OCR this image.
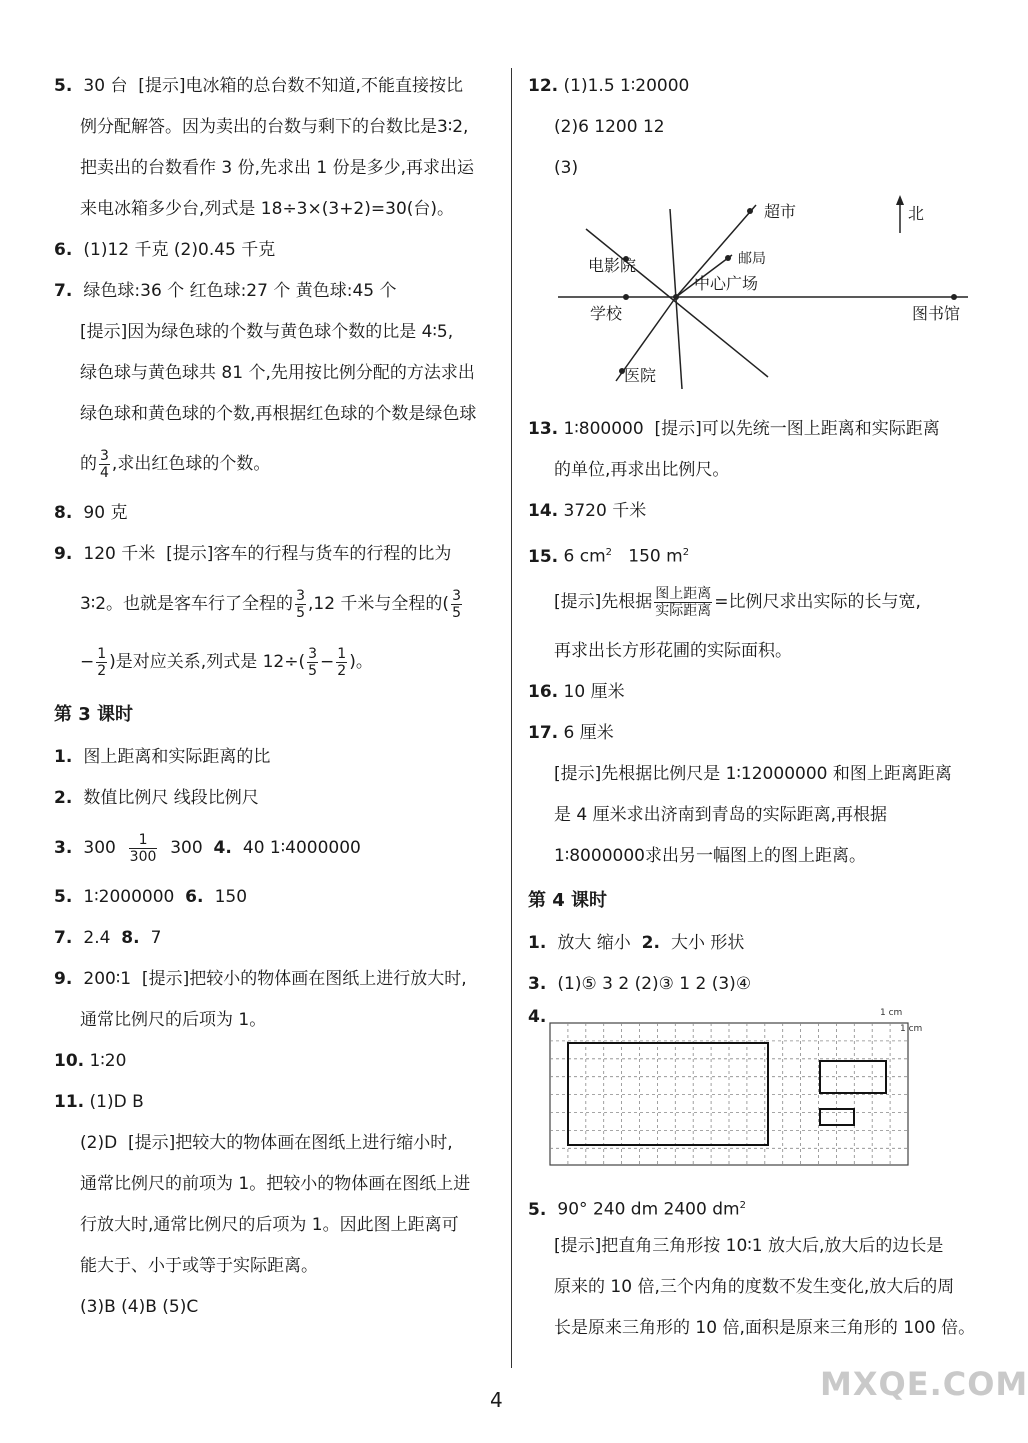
5. 30 台 [ 提示 ] 电冰箱的总台数不知道,不能直接按比
例分配解答。因为卖出的台数与剩下的台数比是3∶2,
把卖出的台数看作 3 份,先求出 1 份是多少,再求出运
来电冰箱多少台,列式是 18÷3×(3+2)=30(台)。
6. (1)12 千克 (2)0.45 千克
7. 绿色球:36 个 红色球:27 个 黄色球:45 个
[ 提示 ] 因为绿色球的个数与黄色球个数的比是 4∶5,
绿色球与黄色球共 81 个,先用按比例分配的方法求出
绿色球和黄色球的个数,再根据红色球的个数是绿色球
的 $\frac{3}{4}$ ,求出红色球的个数。
8. 90 克
9. 120 千米 [ 提示 ] 客车的行程与货车的行程的比为
3∶2。也就是客车行了全程的 $\frac{3}{5} ,12$ 千米与全程的( $\frac{3}{5}$
− $\frac{1}{2}$ )是对应关系,列式是 $12\div( \frac{3}{5} - \frac{1}{2}$ )。
第 3 课时
1. 图上距离和实际距离的比
2. 数值比例尺 线段比例尺
3. $300 \frac{1}{300} 300$ 4. 40 1∶4000000
5. 1∶2000000 6. 150
7. 2.4 8. 7
9. 200∶1 [ 提示 ] 把较小的物体画在图纸上进行放大时,
通常比例尺的后项为 1。
10. 1∶20
11. (1)D B
(2)D [ 提示 ] 把较大的物体画在图纸上进行缩小时,
通常比例尺的前项为 1。把较小的物体画在图纸上进
行放大时,通常比例尺的后项为 1。因此图上距离可
能大于、小于或等于实际距离。
(3)B (4)B (5)C
12. (1)1.5 1∶20000
(2)6 1200 12
(3)
超市	北
邮局
电影院
中心广场
学校	图书馆
医院
13. 1∶800000 [ 提示 ] 可以先统一图上距离和实际距离
的单位,再求出比例尺。
14. 3720 千米
15. 6 $cm^2$ 150 $m^2$
[ 提示 ] 先根据 $\frac{\text{图上距离}}{\text{实际距离}}$ =比例尺求出实际的长与宽,
再求出长方形花圃的实际面积。
16. 10 厘米
17. 6 厘米
[ 提示 ] 先根据比例尺是 1∶12000000 和图上距离距离
是 4 厘米求出济南到青岛的实际距离,再根据
1∶8000000求出另一幅图上的图上距离。
第 4 课时
1. 放大 缩小 2. 大小 形状
3. (1)⑤ 3 2 (2)③ 1 2 (3)④
4.	1 cm
1 cm
5. 90° 240 dm 2400 $dm^2$
[ 提示 ] 把直角三角形按 10∶1 放大后,放大后的边长是
原来的 10 倍,三个内角的度数不发生变化,放大后的周
长是原来三角形的 10 倍,面积是原来三角形的 100 倍。
4	MXQE.COM
